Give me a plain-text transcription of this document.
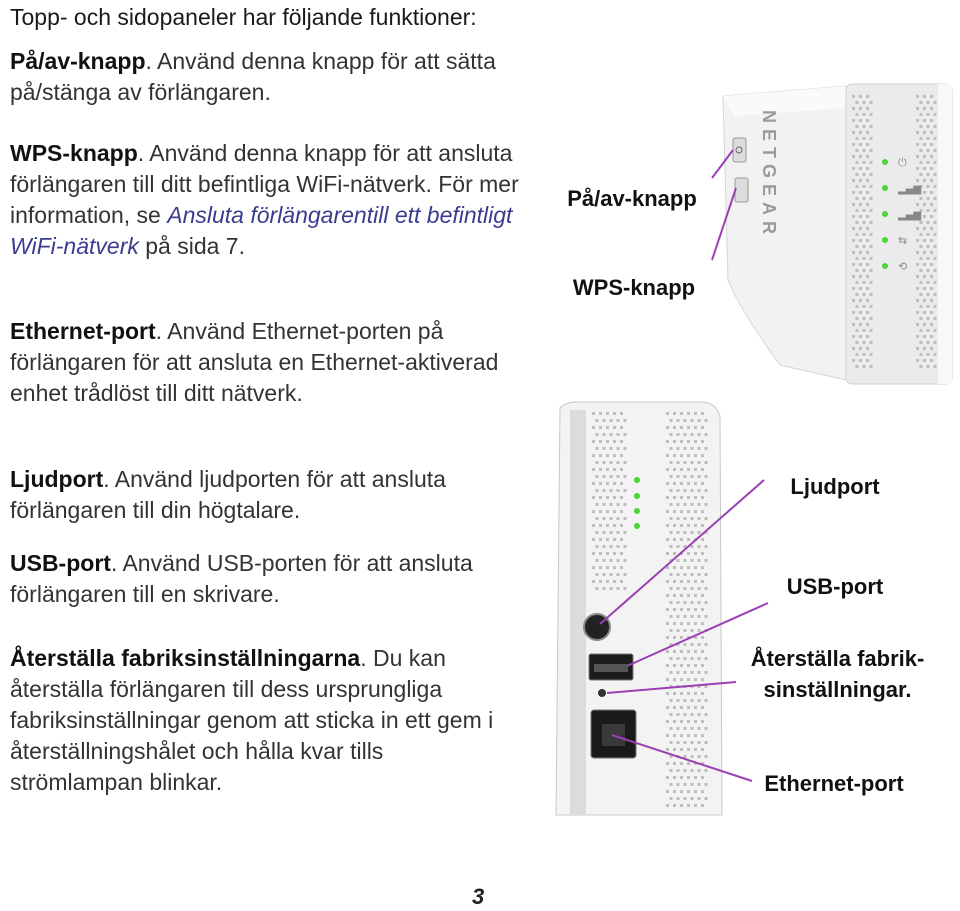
Topp- och sidopaneler har följande funktioner:
På/av-knapp. Använd denna knapp för att sätta på/stänga av förlängaren.
WPS-knapp. Använd denna knapp för att ansluta förlängaren till ditt befintliga WiFi-nätverk. För mer information, se Ansluta förlängarentill ett befintligt WiFi-nätverk på sida 7.
Ethernet-port. Använd Ethernet-porten på förlängaren för att ansluta en Ethernet-aktiverad enhet trådlöst till ditt nätverk.
Ljudport. Använd ljudporten för att ansluta förlängaren till din högtalare.
USB-port. Använd USB-porten för att ansluta förlängaren till en skrivare.
Återställa fabriksinställningarna. Du kan återställa förlängaren till dess ursprungliga fabriksinställningar genom att sticka in ett gem i återställningshålet och hålla kvar tills strömlampan blinkar.
NETGEAR	⏻
▂▄▆
▂▄▆
⇆
⟲
På/av-knapp
WPS-knapp
Ljudport
USB-port
Återställa fabrik-
sinställningar.
Ethernet-port
3
